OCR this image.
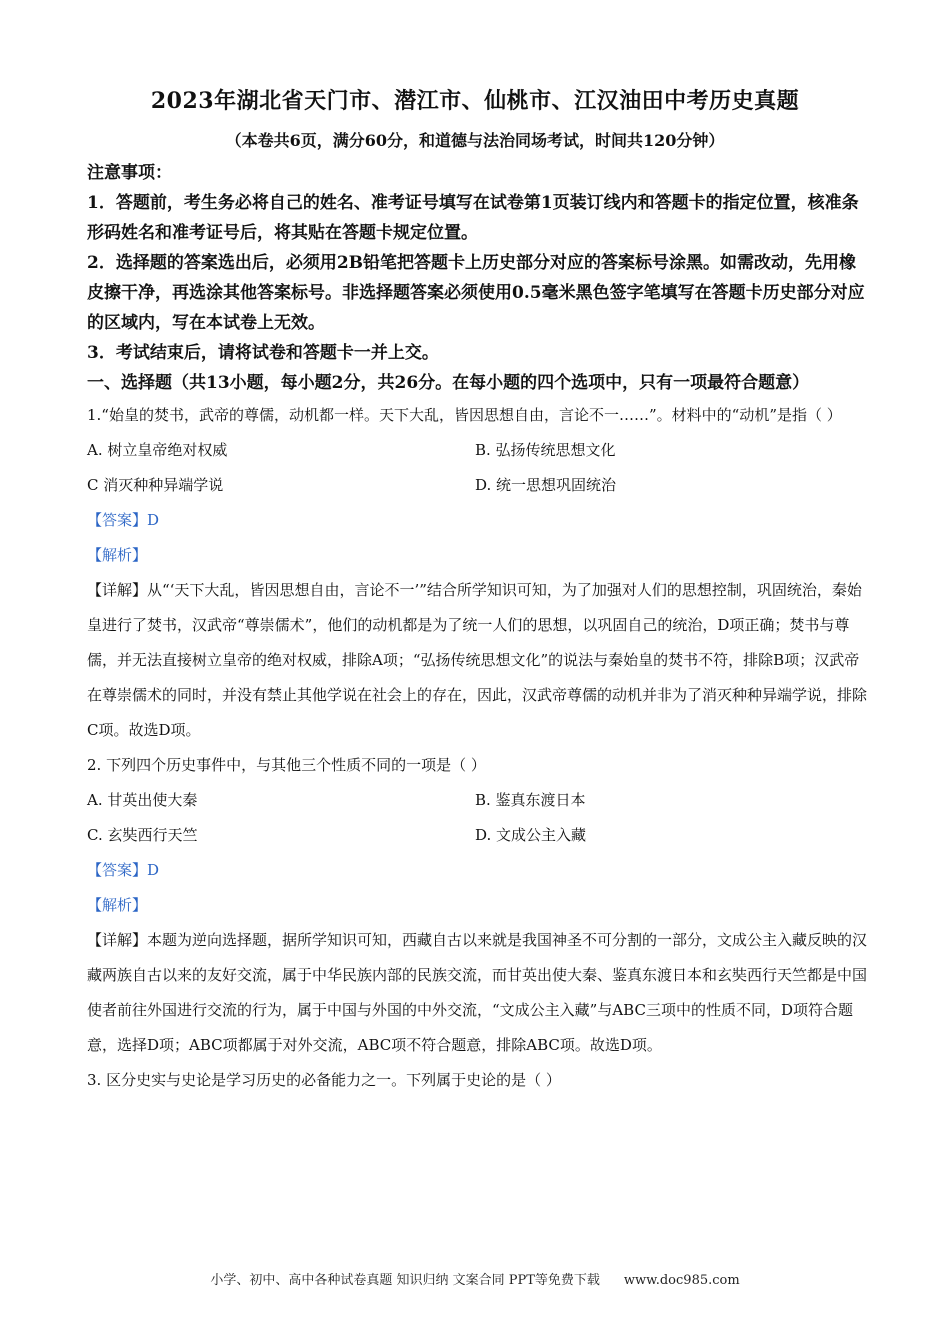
2023年湖北省天门市、潜江市、仙桃市、江汉油田中考历史真题
（本卷共6页，满分60分，和道德与法治同场考试，时间共120分钟）
注意事项：
1．答题前，考生务必将自己的姓名、准考证号填写在试卷第1页装订线内和答题卡的指定位置，核准条形码姓名和准考证号后，将其贴在答题卡规定位置。
2．选择题的答案选出后，必须用2B铅笔把答题卡上历史部分对应的答案标号涂黑。如需改动，先用橡皮擦干净，再选涂其他答案标号。非选择题答案必须使用0.5毫米黑色签字笔填写在答题卡历史部分对应的区域内，写在本试卷上无效。
3．考试结束后，请将试卷和答题卡一并上交。
一、选择题（共13小题，每小题2分，共26分。在每小题的四个选项中，只有一项最符合题意）
1.“始皇的焚书，武帝的尊儒，动机都一样。天下大乱，皆因思想自由，言论不一……”。材料中的“动机”是指（ ）
A. 树立皇帝绝对权威	B. 弘扬传统思想文化
C 消灭种种异端学说	D. 统一思想巩固统治
【答案】D
【解析】
【详解】从“‘天下大乱，皆因思想自由，言论不一’”结合所学知识可知，为了加强对人们的思想控制，巩固统治，秦始皇进行了焚书，汉武帝“尊崇儒术”，他们的动机都是为了统一人们的思想，以巩固自己的统治，D项正确；焚书与尊儒，并无法直接树立皇帝的绝对权威，排除A项；“弘扬传统思想文化”的说法与秦始皇的焚书不符，排除B项；汉武帝在尊崇儒术的同时，并没有禁止其他学说在社会上的存在，因此，汉武帝尊儒的动机并非为了消灭种种异端学说，排除C项。故选D项。
2. 下列四个历史事件中，与其他三个性质不同的一项是（ ）
A. 甘英出使大秦	B. 鉴真东渡日本
C. 玄奘西行天竺	D. 文成公主入藏
【答案】D
【解析】
【详解】本题为逆向选择题，据所学知识可知，西藏自古以来就是我国神圣不可分割的一部分，文成公主入藏反映的汉藏两族自古以来的友好交流，属于中华民族内部的民族交流，而甘英出使大秦、鉴真东渡日本和玄奘西行天竺都是中国使者前往外国进行交流的行为，属于中国与外国的中外交流，“文成公主入藏”与ABC三项中的性质不同，D项符合题意，选择D项；ABC项都属于对外交流，ABC项不符合题意，排除ABC项。故选D项。
3. 区分史实与史论是学习历史的必备能力之一。下列属于史论的是（ ）
小学、初中、高中各种试卷真题 知识归纳 文案合同 PPT等免费下载 www.doc985.com
